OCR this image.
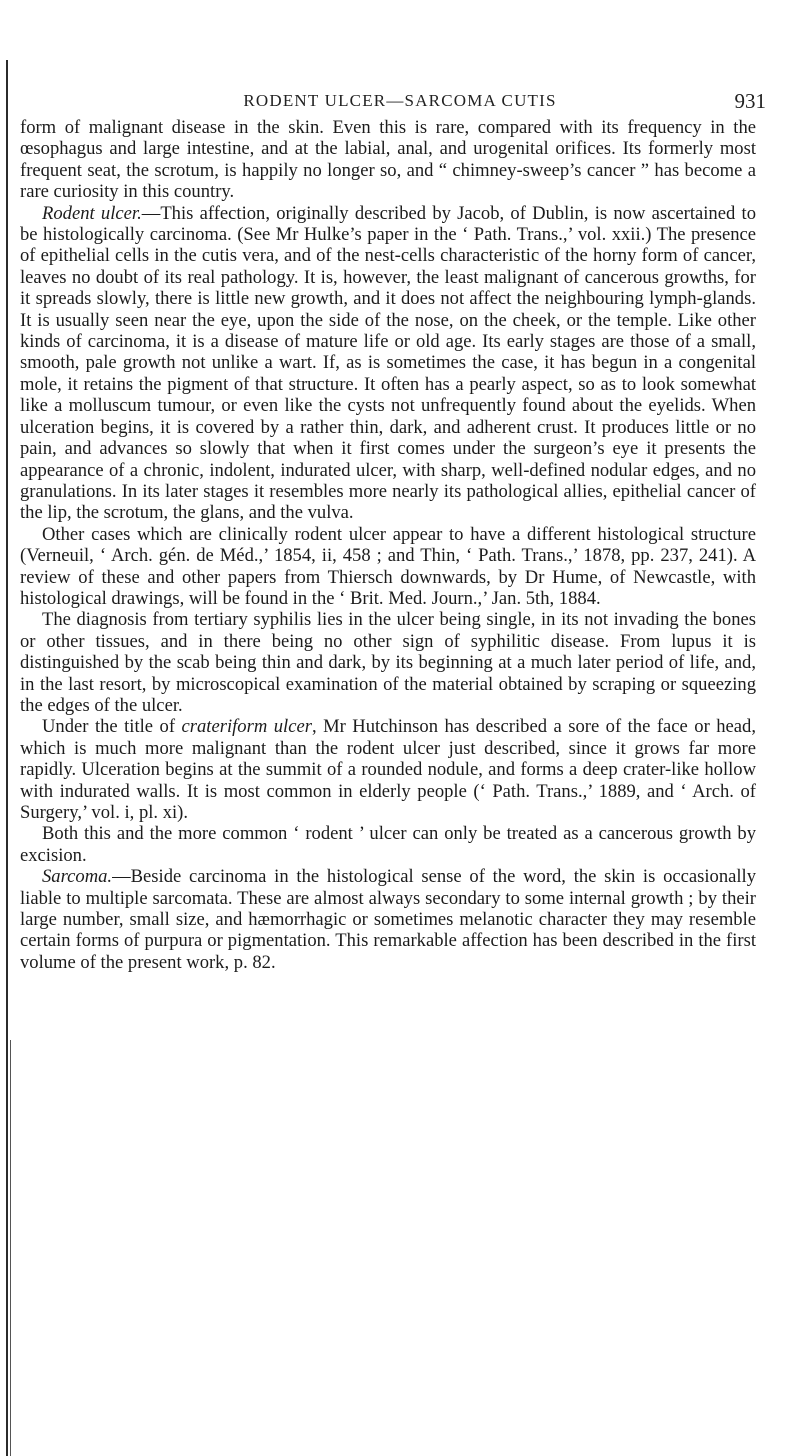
RODENT ULCER—SARCOMA CUTIS	931

form of malignant disease in the skin. Even this is rare, compared with its frequency in the œsophagus and large intestine, and at the labial, anal, and urogenital orifices. Its formerly most frequent seat, the scrotum, is happily no longer so, and “ chimney-sweep’s cancer ” has become a rare curiosity in this country.

Rodent ulcer.—This affection, originally described by Jacob, of Dublin, is now ascertained to be histologically carcinoma. (See Mr Hulke’s paper in the ‘ Path. Trans.,’ vol. xxii.) The presence of epithelial cells in the cutis vera, and of the nest-cells characteristic of the horny form of cancer, leaves no doubt of its real pathology. It is, however, the least malignant of cancerous growths, for it spreads slowly, there is little new growth, and it does not affect the neighbouring lymph-glands. It is usually seen near the eye, upon the side of the nose, on the cheek, or the temple. Like other kinds of carcinoma, it is a disease of mature life or old age. Its early stages are those of a small, smooth, pale growth not unlike a wart. If, as is sometimes the case, it has begun in a congenital mole, it retains the pigment of that structure. It often has a pearly aspect, so as to look somewhat like a molluscum tumour, or even like the cysts not unfrequently found about the eyelids. When ulceration begins, it is covered by a rather thin, dark, and adherent crust. It produces little or no pain, and advances so slowly that when it first comes under the surgeon’s eye it presents the appearance of a chronic, indolent, indurated ulcer, with sharp, well-defined nodular edges, and no granulations. In its later stages it resembles more nearly its pathological allies, epithelial cancer of the lip, the scrotum, the glans, and the vulva.

Other cases which are clinically rodent ulcer appear to have a different histological structure (Verneuil, ‘ Arch. gén. de Méd.,’ 1854, ii, 458 ; and Thin, ‘ Path. Trans.,’ 1878, pp. 237, 241). A review of these and other papers from Thiersch downwards, by Dr Hume, of Newcastle, with histological drawings, will be found in the ‘ Brit. Med. Journ.,’ Jan. 5th, 1884.

The diagnosis from tertiary syphilis lies in the ulcer being single, in its not invading the bones or other tissues, and in there being no other sign of syphilitic disease. From lupus it is distinguished by the scab being thin and dark, by its beginning at a much later period of life, and, in the last resort, by microscopical examination of the material obtained by scraping or squeezing the edges of the ulcer.

Under the title of crateriform ulcer, Mr Hutchinson has described a sore of the face or head, which is much more malignant than the rodent ulcer just described, since it grows far more rapidly. Ulceration begins at the summit of a rounded nodule, and forms a deep crater-like hollow with indurated walls. It is most common in elderly people (‘ Path. Trans.,’ 1889, and ‘ Arch. of Surgery,’ vol. i, pl. xi).

Both this and the more common ‘ rodent ’ ulcer can only be treated as a cancerous growth by excision.

Sarcoma.—Beside carcinoma in the histological sense of the word, the skin is occasionally liable to multiple sarcomata. These are almost always secondary to some internal growth ; by their large number, small size, and hæmorrhagic or sometimes melanotic character they may resemble certain forms of purpura or pigmentation. This remarkable affection has been described in the first volume of the present work, p. 82.
